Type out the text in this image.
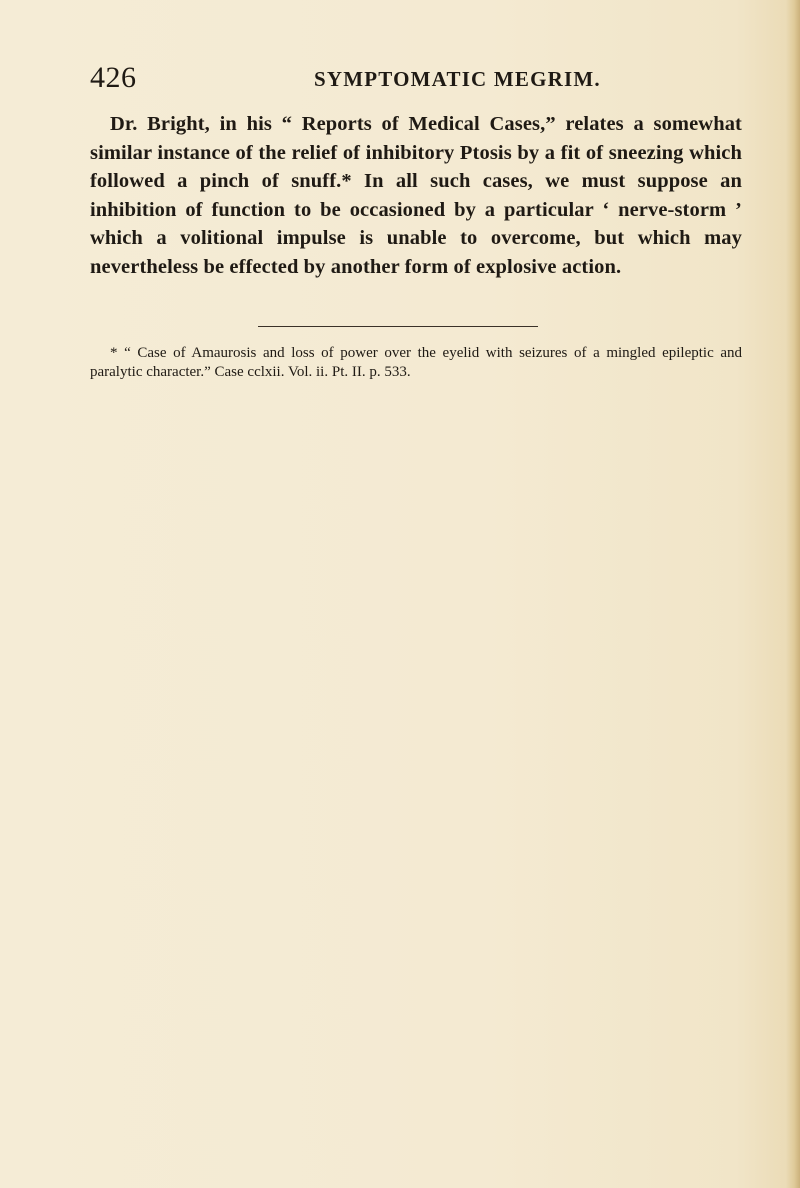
426	SYMPTOMATIC MEGRIM.

Dr. Bright, in his “ Reports of Medical Cases,” relates a somewhat similar instance of the relief of inhibitory Ptosis by a fit of sneezing which followed a pinch of snuff.* In all such cases, we must suppose an inhibition of function to be occasioned by a particular ‘ nerve-storm ’ which a volitional impulse is unable to overcome, but which may nevertheless be effected by another form of explosive action.

* “ Case of Amaurosis and loss of power over the eyelid with seizures of a mingled epileptic and paralytic character.” Case cclxii. Vol. ii. Pt. II. p. 533.
